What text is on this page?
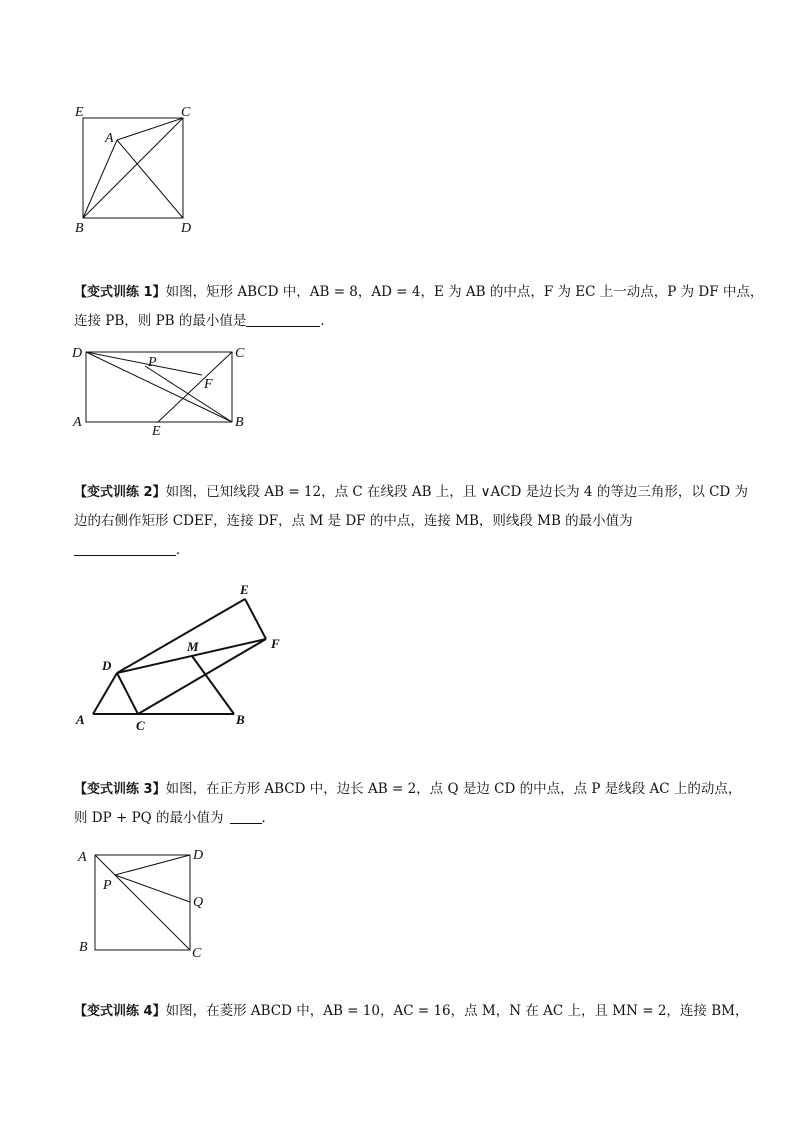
E	C
A
B	D
【变式训练 1】如图，矩形 ABCD 中，AB = 8，AD = 4，E 为 AB 的中点，F 为 EC 上一动点，P 为 DF 中点，
连接 PB，则 PB 的最小值是	．
D	C
P
F
A
E
B
【变式训练 2】如图，已知线段 AB = 12，点 C 在线段 AB 上，且 ∨ACD 是边长为 4 的等边三角形，以 CD 为
边的右侧作矩形 CDEF，连接 DF，点 M 是 DF 的中点，连接 MB，则线段 MB 的最小值为
．
E
F
M
D
A	C	B
【变式训练 3】如图，在正方形 ABCD 中，边长 AB = 2，点 Q 是边 CD 的中点，点 P 是线段 AC 上的动点，
则 DP + PQ 的最小值为	．
A	D
P
Q
B	C
【变式训练 4】如图，在菱形 ABCD 中，AB = 10，AC = 16，点 M，N 在 AC 上，且 MN = 2，连接 BM，
